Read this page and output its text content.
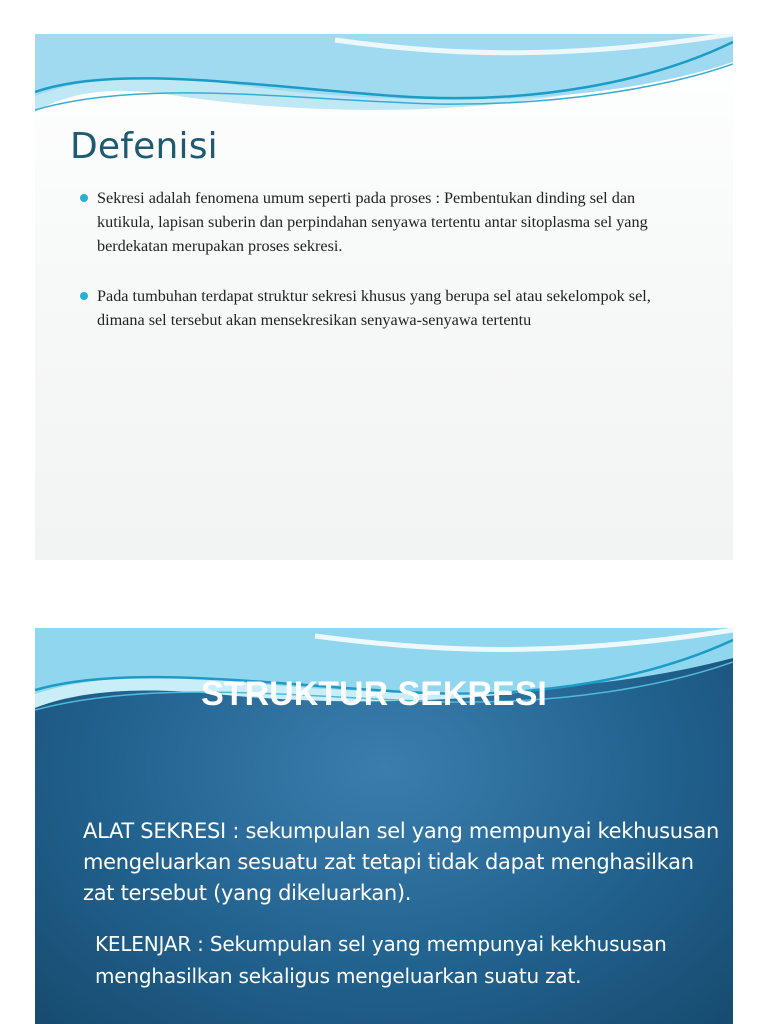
Defenisi
Sekresi adalah fenomena umum seperti pada proses : Pembentukan dinding sel dan kutikula, lapisan suberin dan perpindahan senyawa tertentu antar sitoplasma sel yang berdekatan merupakan proses sekresi.
Pada tumbuhan terdapat struktur sekresi khusus yang berupa sel atau sekelompok sel, dimana sel tersebut akan mensekresikan senyawa-senyawa tertentu
STRUKTUR SEKRESI

ALAT SEKRESI : sekumpulan sel yang mempunyai kekhususan mengeluarkan sesuatu zat tetapi tidak dapat menghasilkan zat tersebut (yang dikeluarkan).

KELENJAR : Sekumpulan sel yang mempunyai kekhususan menghasilkan sekaligus mengeluarkan suatu zat.
